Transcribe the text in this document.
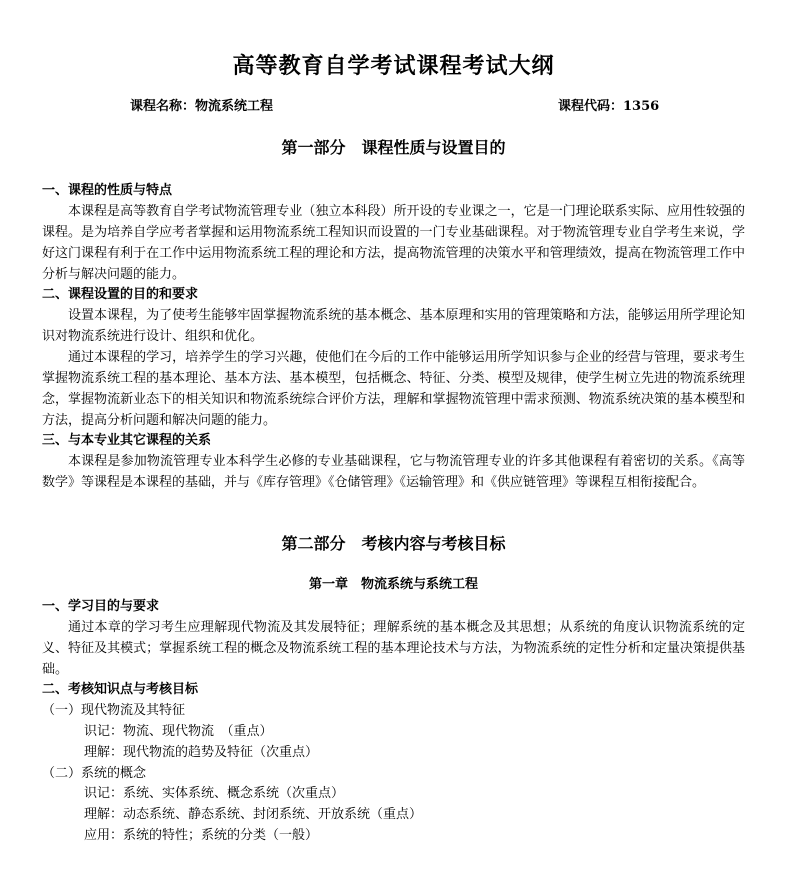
高等教育自学考试课程考试大纲
课程名称：物流系统工程	课程代码：1356
第一部分　课程性质与设置目的
一、课程的性质与特点
本课程是高等教育自学考试物流管理专业（独立本科段）所开设的专业课之一，它是一门理论联系实际、应用性较强的课程。是为培养自学应考者掌握和运用物流系统工程知识而设置的一门专业基础课程。对于物流管理专业自学考生来说，学好这门课程有利于在工作中运用物流系统工程的理论和方法，提高物流管理的决策水平和管理绩效，提高在物流管理工作中分析与解决问题的能力。
二、课程设置的目的和要求
设置本课程，为了使考生能够牢固掌握物流系统的基本概念、基本原理和实用的管理策略和方法，能够运用所学理论知识对物流系统进行设计、组织和优化。
通过本课程的学习，培养学生的学习兴趣，使他们在今后的工作中能够运用所学知识参与企业的经营与管理，要求考生掌握物流系统工程的基本理论、基本方法、基本模型，包括概念、特征、分类、模型及规律，使学生树立先进的物流系统理念，掌握物流新业态下的相关知识和物流系统综合评价方法，理解和掌握物流管理中需求预测、物流系统决策的基本模型和方法，提高分析问题和解决问题的能力。
三、与本专业其它课程的关系
本课程是参加物流管理专业本科学生必修的专业基础课程，它与物流管理专业的许多其他课程有着密切的关系。《高等数学》等课程是本课程的基础，并与《库存管理》《仓储管理》《运输管理》和《供应链管理》等课程互相衔接配合。
第二部分　考核内容与考核目标
第一章　物流系统与系统工程
一、学习目的与要求
通过本章的学习考生应理解现代物流及其发展特征；理解系统的基本概念及其思想；从系统的角度认识物流系统的定义、特征及其模式；掌握系统工程的概念及物流系统工程的基本理论技术与方法，为物流系统的定性分析和定量决策提供基础。
二、考核知识点与考核目标
（一）现代物流及其特征
识记：物流、现代物流　（重点）
理解：现代物流的趋势及特征（次重点）
（二）系统的概念
识记：系统、实体系统、概念系统（次重点）
理解：动态系统、静态系统、封闭系统、开放系统（重点）
应用：系统的特性；系统的分类（一般）
